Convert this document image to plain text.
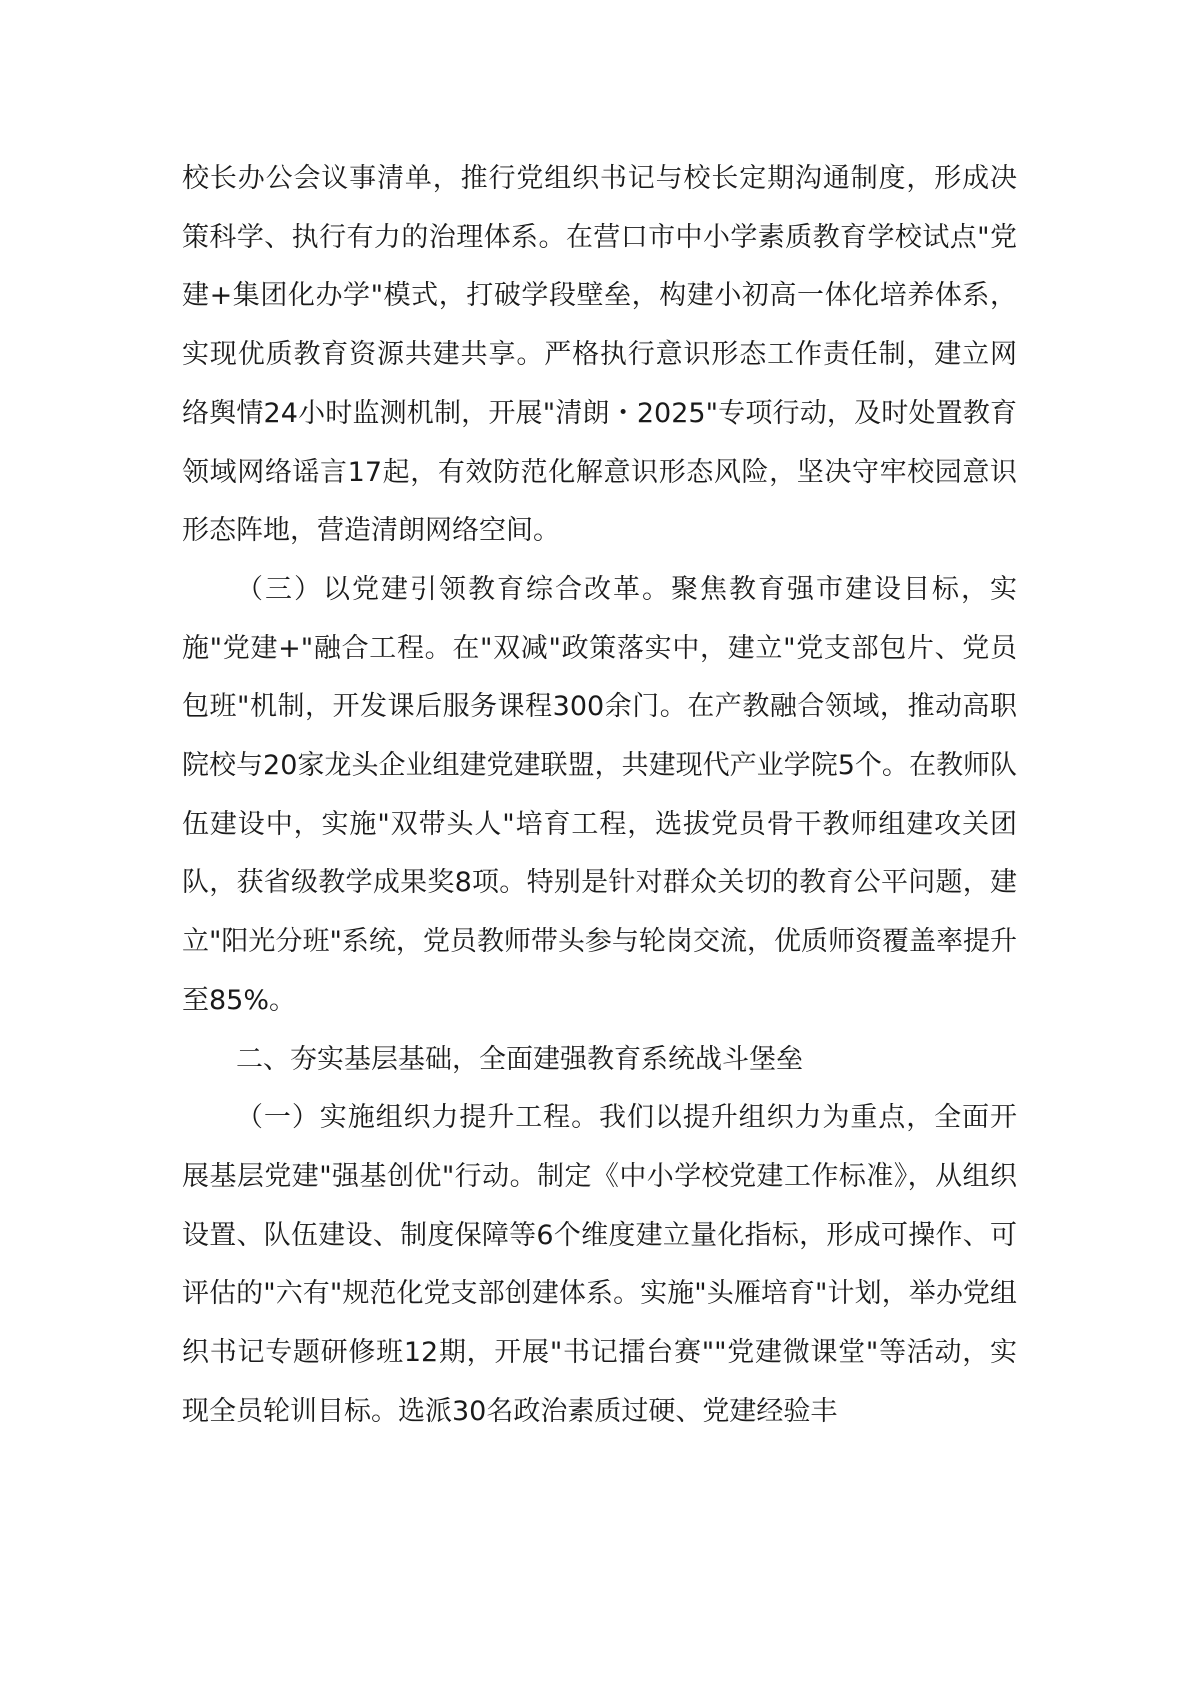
校长办公会议事清单，推行党组织书记与校长定期沟通制度，形成决策科学、执行有力的治理体系。在营口市中小学素质教育学校试点"党建+集团化办学"模式，打破学段壁垒，构建小初高一体化培养体系，实现优质教育资源共建共享。严格执行意识形态工作责任制，建立网络舆情24小时监测机制，开展"清朗・2025"专项行动，及时处置教育领域网络谣言17起，有效防范化解意识形态风险，坚决守牢校园意识形态阵地，营造清朗网络空间。

（三）以党建引领教育综合改革。聚焦教育强市建设目标，实施"党建+"融合工程。在"双减"政策落实中，建立"党支部包片、党员包班"机制，开发课后服务课程300余门。在产教融合领域，推动高职院校与20家龙头企业组建党建联盟，共建现代产业学院5个。在教师队伍建设中，实施"双带头人"培育工程，选拔党员骨干教师组建攻关团队，获省级教学成果奖8项。特别是针对群众关切的教育公平问题，建立"阳光分班"系统，党员教师带头参与轮岗交流，优质师资覆盖率提升至85%。

二、夯实基层基础，全面建强教育系统战斗堡垒

（一）实施组织力提升工程。我们以提升组织力为重点，全面开展基层党建"强基创优"行动。制定《中小学校党建工作标准》，从组织设置、队伍建设、制度保障等6个维度建立量化指标，形成可操作、可评估的"六有"规范化党支部创建体系。实施"头雁培育"计划，举办党组织书记专题研修班12期，开展"书记擂台赛""党建微课堂"等活动，实现全员轮训目标。选派30名政治素质过硬、党建经验丰
